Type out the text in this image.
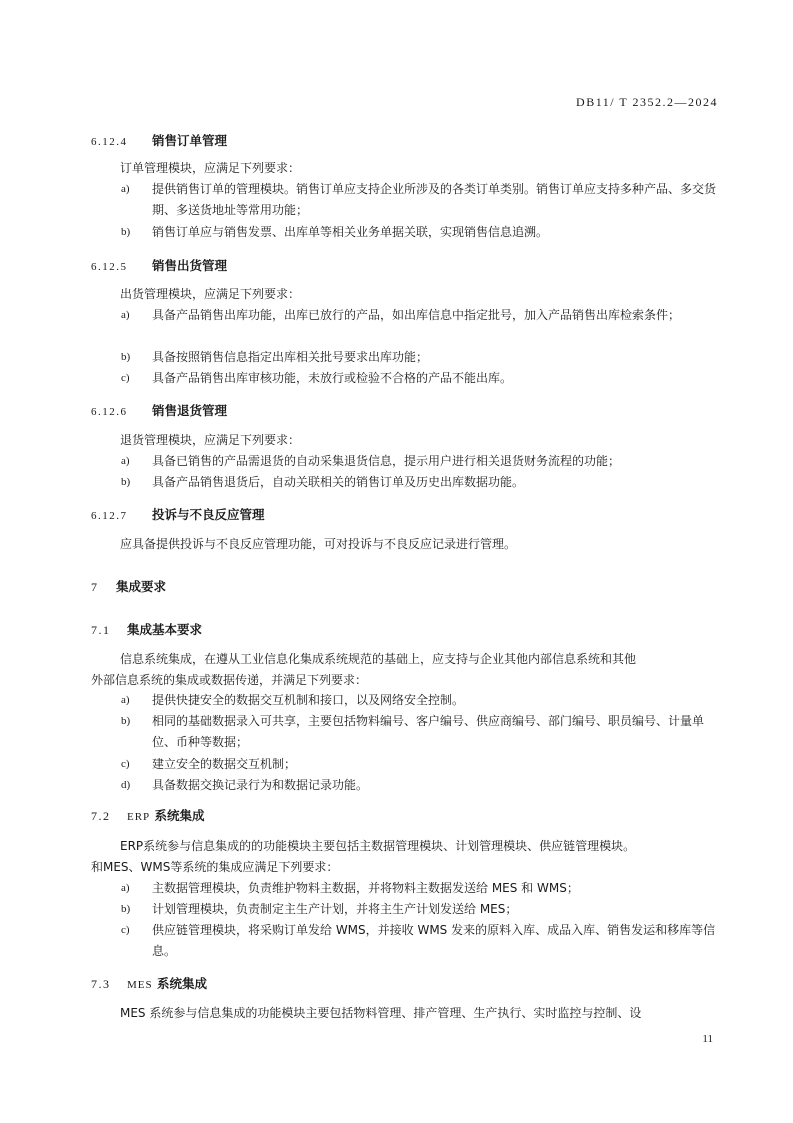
DB11/ T 2352.2—2024
6.12.4 销售订单管理
订单管理模块，应满足下列要求：
a) 提供销售订单的管理模块。销售订单应支持企业所涉及的各类订单类别。销售订单应支持多种产品、多交货期、多送货地址等常用功能；
b) 销售订单应与销售发票、出库单等相关业务单据关联，实现销售信息追溯。
6.12.5 销售出货管理
出货管理模块，应满足下列要求：
a) 具备产品销售出库功能，出库已放行的产品，如出库信息中指定批号，加入产品销售出库检索条件；
b) 具备按照销售信息指定出库相关批号要求出库功能；
c) 具备产品销售出库审核功能，未放行或检验不合格的产品不能出库。
6.12.6 销售退货管理
退货管理模块，应满足下列要求：
a) 具备已销售的产品需退货的自动采集退货信息，提示用户进行相关退货财务流程的功能；
b) 具备产品销售退货后，自动关联相关的销售订单及历史出库数据功能。
6.12.7 投诉与不良反应管理
应具备提供投诉与不良反应管理功能，可对投诉与不良反应记录进行管理。
7 集成要求
7.1 集成基本要求
信息系统集成，在遵从工业信息化集成系统规范的基础上，应支持与企业其他内部信息系统和其他
外部信息系统的集成或数据传递，并满足下列要求：
a) 提供快捷安全的数据交互机制和接口，以及网络安全控制。
b) 相同的基础数据录入可共享，主要包括物料编号、客户编号、供应商编号、部门编号、职员编号、计量单位、币种等数据；
c) 建立安全的数据交互机制；
d) 具备数据交换记录行为和数据记录功能。
7.2 ERP 系统集成
ERP系统参与信息集成的的功能模块主要包括主数据管理模块、计划管理模块、供应链管理模块。
和MES、WMS等系统的集成应满足下列要求：
a) 主数据管理模块，负责维护物料主数据，并将物料主数据发送给 MES 和 WMS；
b) 计划管理模块，负责制定主生产计划，并将主生产计划发送给 MES；
c) 供应链管理模块，将采购订单发给 WMS，并接收 WMS 发来的原料入库、成品入库、销售发运和移库等信息。
7.3 MES 系统集成
MES 系统参与信息集成的功能模块主要包括物料管理、排产管理、生产执行、实时监控与控制、设
11
